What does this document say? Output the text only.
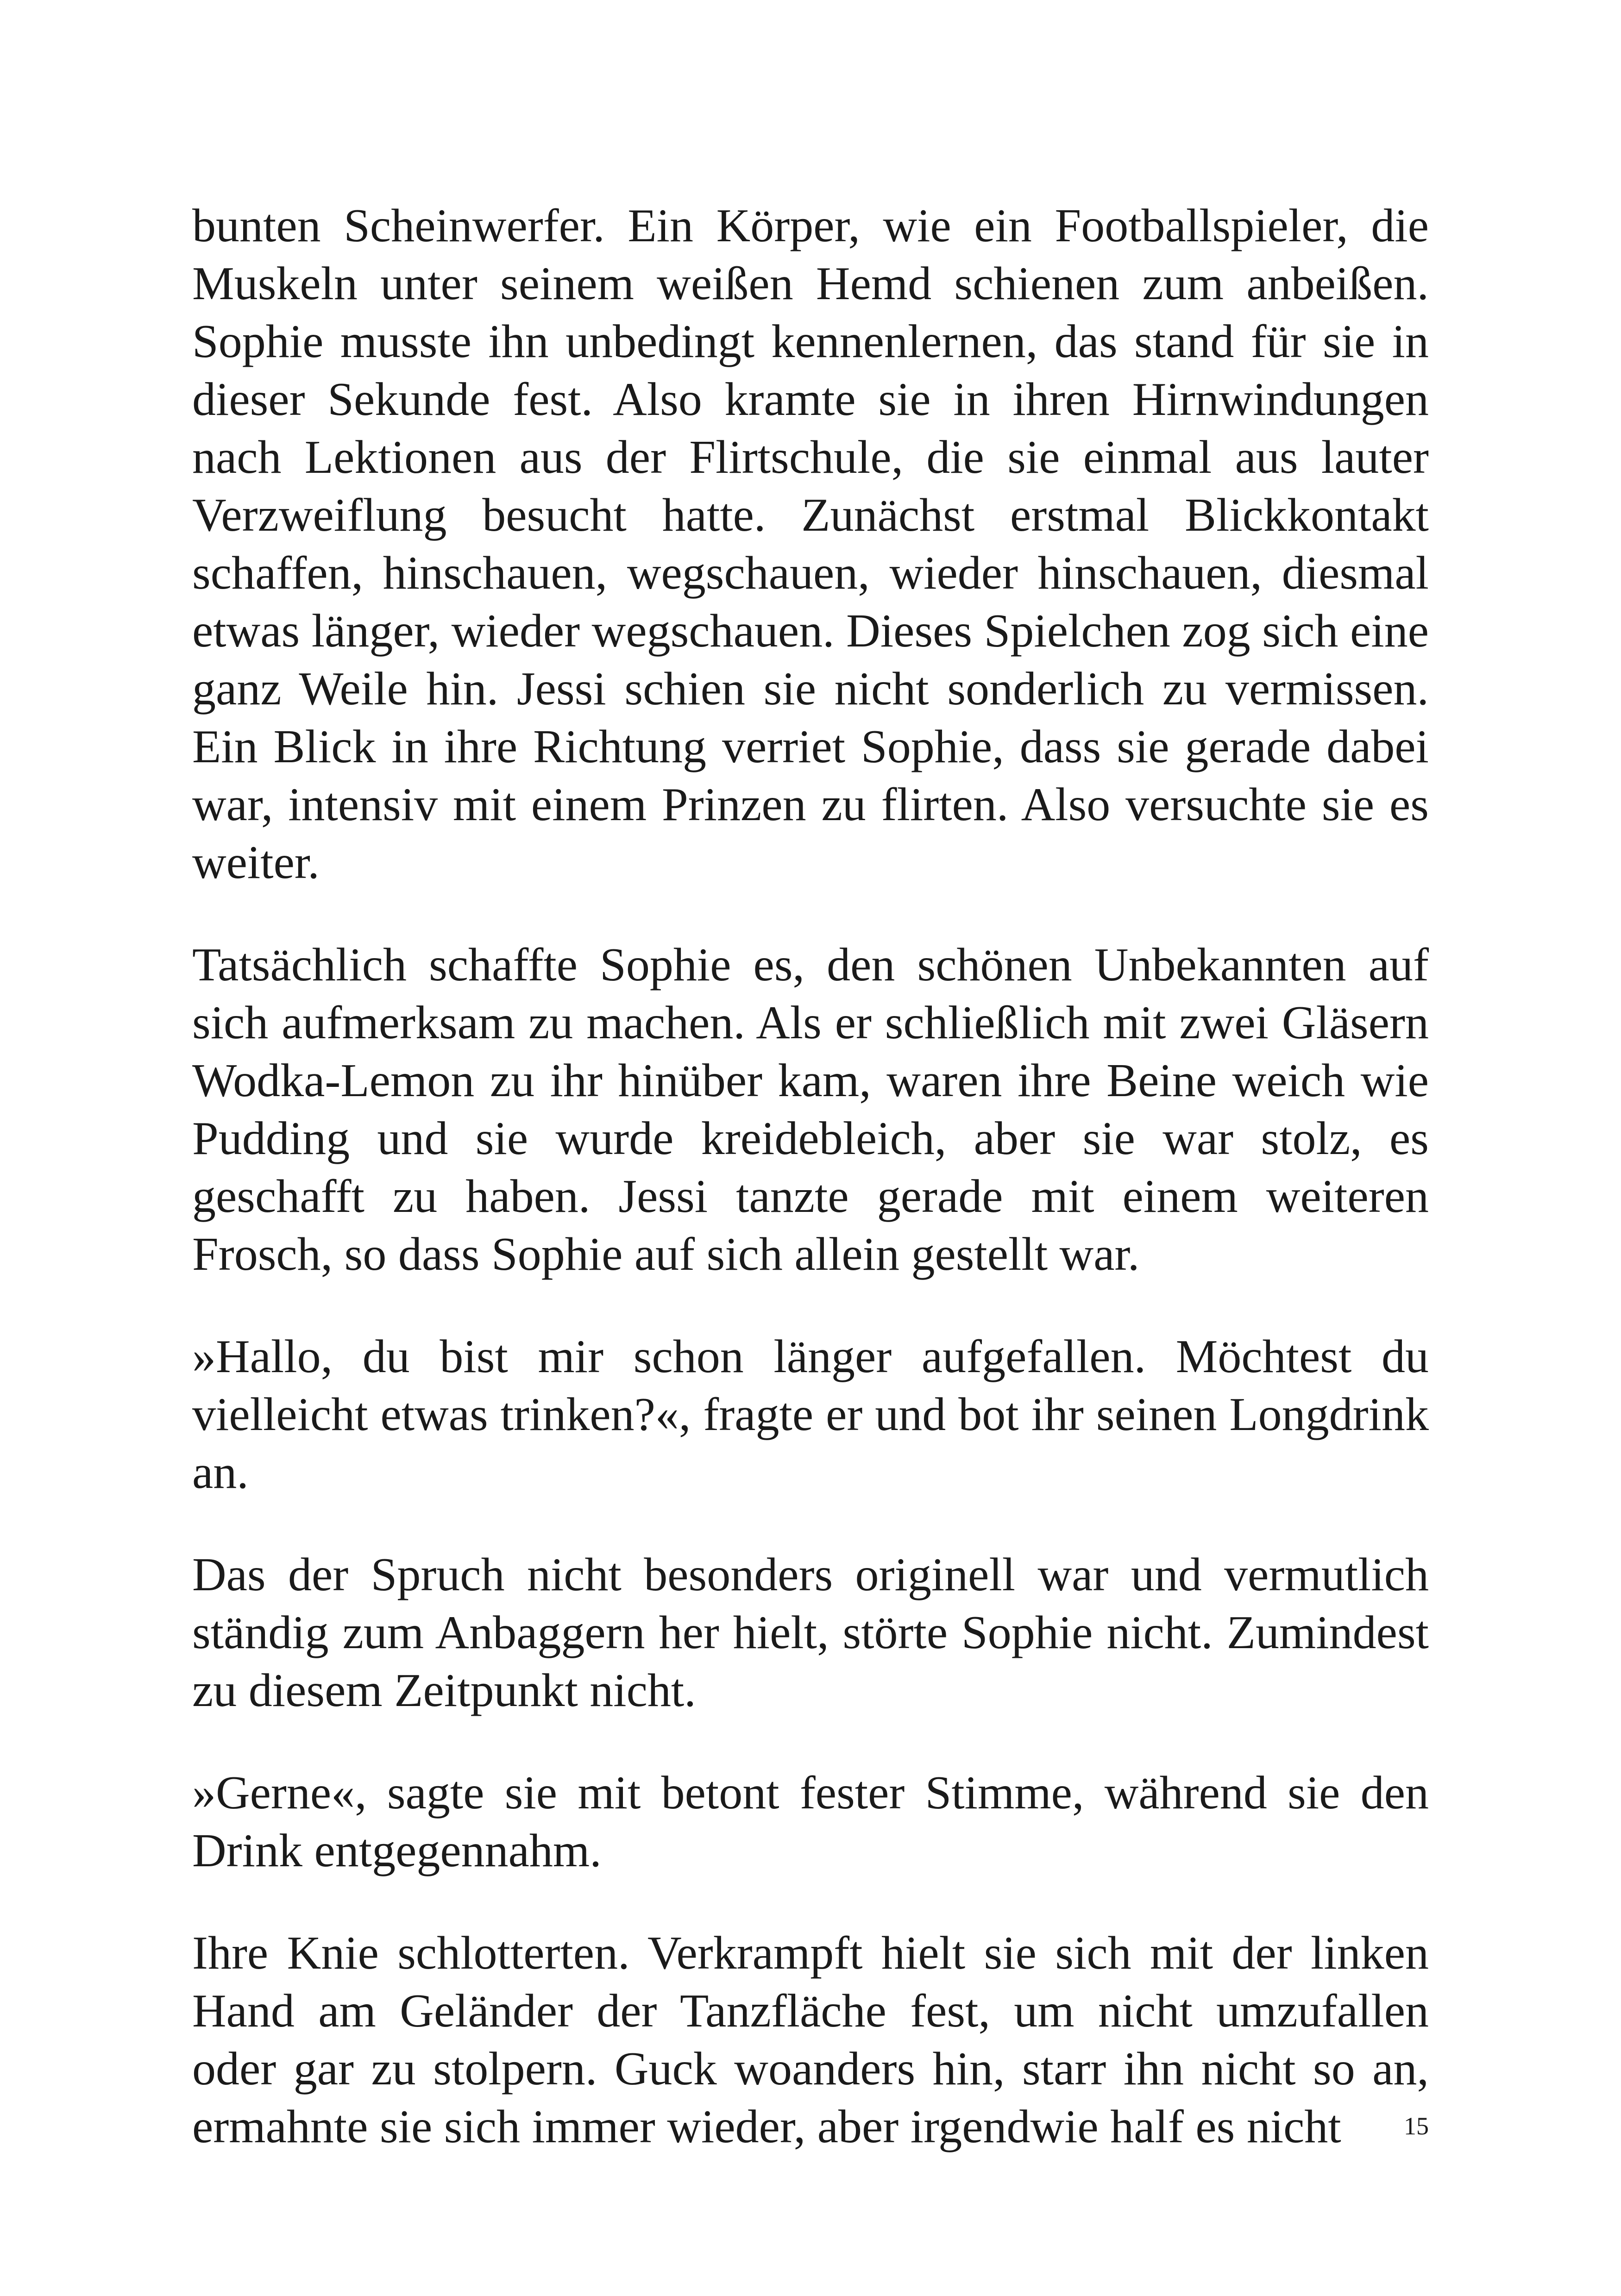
bunten Scheinwerfer. Ein Körper, wie ein Footballspieler, die Muskeln unter seinem weißen Hemd schienen zum anbeißen. Sophie musste ihn unbedingt kennenlernen, das stand für sie in dieser Sekunde fest. Also kramte sie in ihren Hirnwindungen nach Lektionen aus der Flirtschule, die sie einmal aus lauter Verzweiflung besucht hatte. Zunächst erstmal Blickkontakt schaffen, hinschauen, wegschauen, wieder hinschauen, diesmal etwas länger, wieder wegschauen. Dieses Spielchen zog sich eine ganz Weile hin. Jessi schien sie nicht sonderlich zu vermissen. Ein Blick in ihre Richtung verriet Sophie, dass sie gerade dabei war, intensiv mit einem Prinzen zu flirten. Also versuchte sie es weiter.

Tatsächlich schaffte Sophie es, den schönen Unbekannten auf sich aufmerksam zu machen. Als er schließlich mit zwei Gläsern Wodka-Lemon zu ihr hinüber kam, waren ihre Beine weich wie Pudding und sie wurde kreidebleich, aber sie war stolz, es geschafft zu haben. Jessi tanzte gerade mit einem weiteren Frosch, so dass Sophie auf sich allein gestellt war.

»Hallo, du bist mir schon länger aufgefallen. Möchtest du vielleicht etwas trinken?«, fragte er und bot ihr seinen Longdrink an.

Das der Spruch nicht besonders originell war und vermutlich ständig zum Anbaggern her hielt, störte Sophie nicht. Zumindest zu diesem Zeitpunkt nicht.

»Gerne«, sagte sie mit betont fester Stimme, während sie den Drink entgegennahm.

Ihre Knie schlotterten. Verkrampft hielt sie sich mit der linken Hand am Geländer der Tanzfläche fest, um nicht umzufallen oder gar zu stolpern. Guck woanders hin, starr ihn nicht so an, ermahnte sie sich immer wieder, aber irgendwie half es nicht	15
